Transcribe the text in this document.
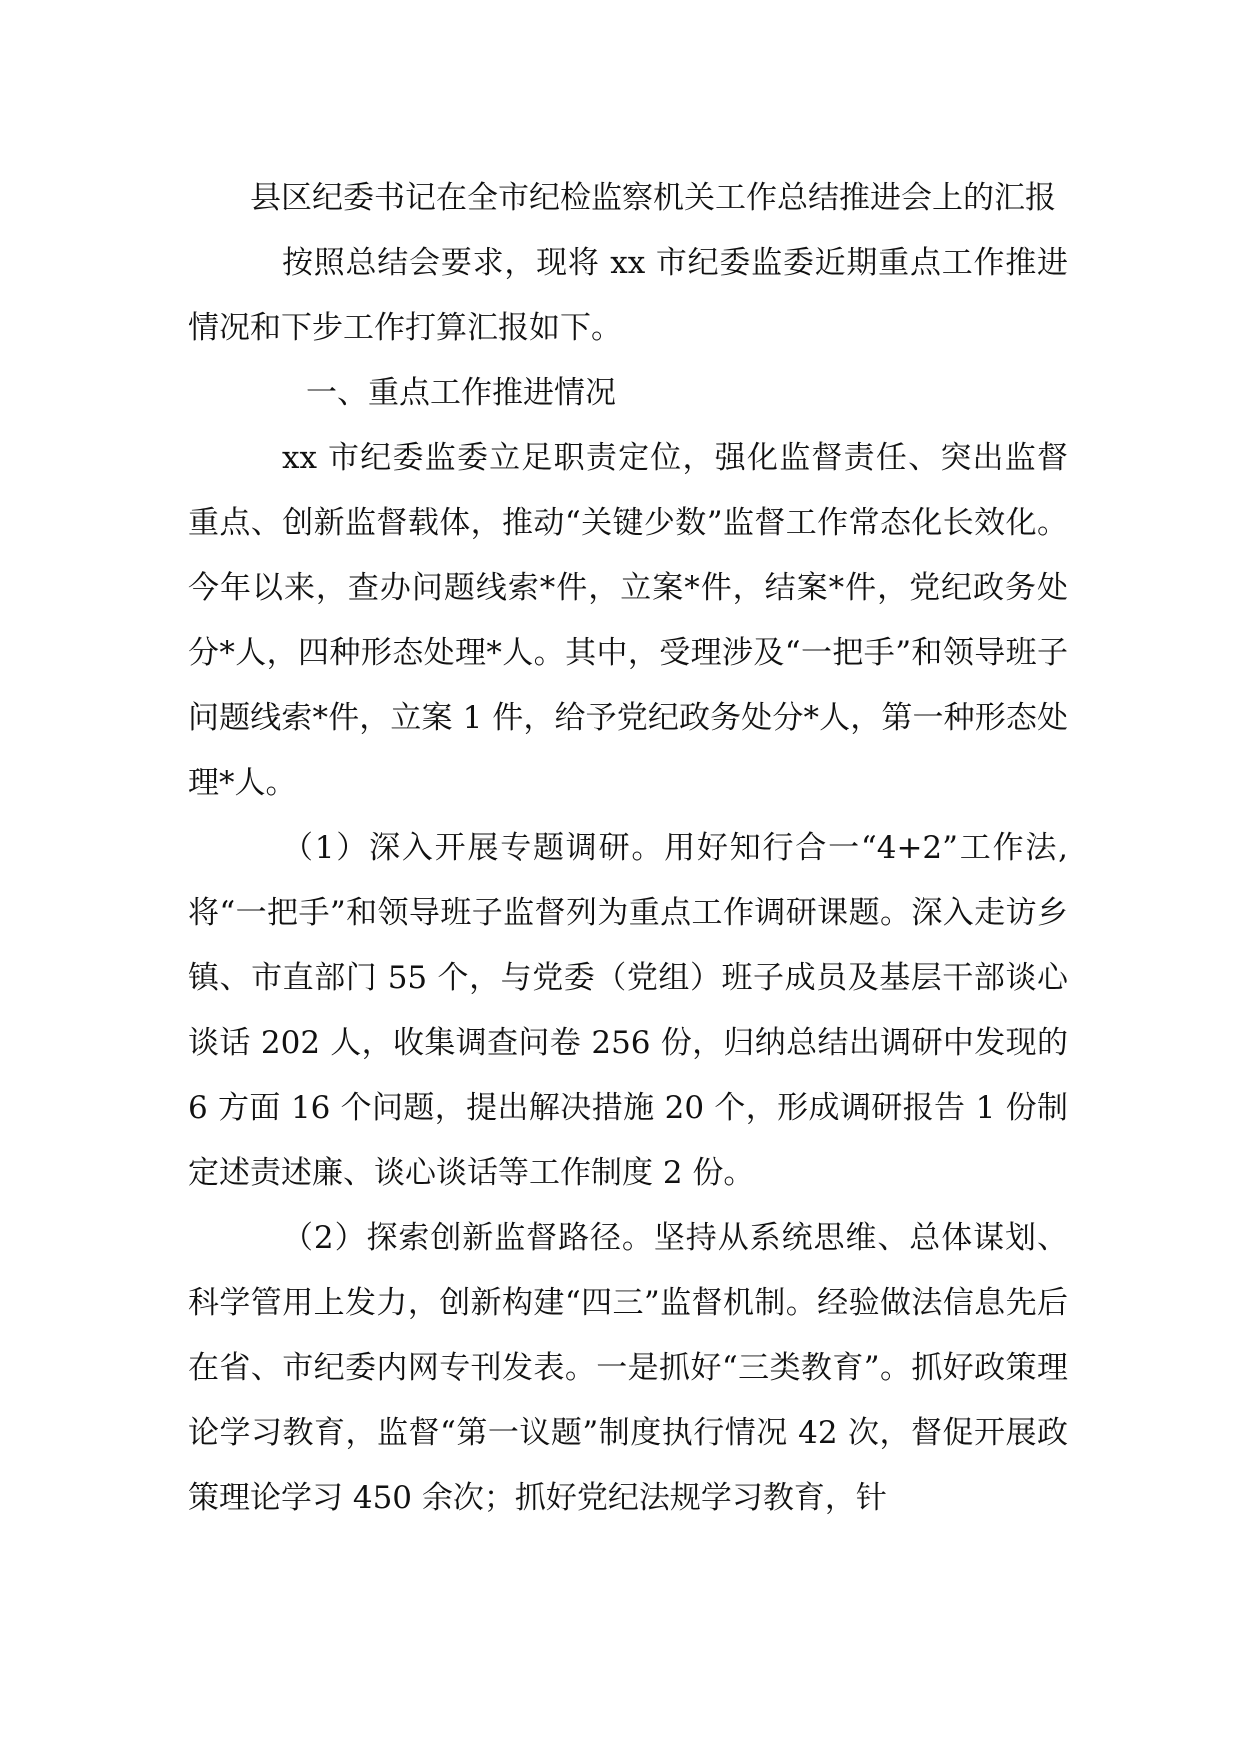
县区纪委书记在全市纪检监察机关工作总结推进会上的汇报

按照总结会要求，现将 xx 市纪委监委近期重点工作推进情况和下步工作打算汇报如下。

一、重点工作推进情况

xx 市纪委监委立足职责定位，强化监督责任、突出监督重点、创新监督载体，推动“关键少数”监督工作常态化长效化。今年以来，查办问题线索*件，立案*件，结案*件，党纪政务处分*人，四种形态处理*人。其中，受理涉及“一把手”和领导班子问题线索*件，立案 1 件，给予党纪政务处分*人，第一种形态处理*人。

（1）深入开展专题调研。用好知行合一“4+2”工作法,将“一把手”和领导班子监督列为重点工作调研课题。深入走访乡镇、市直部门 55 个，与党委（党组）班子成员及基层干部谈心谈话 202 人，收集调查问卷 256 份，归纳总结出调研中发现的 6 方面 16 个问题，提出解决措施 20 个，形成调研报告 1 份制定述责述廉、谈心谈话等工作制度 2 份。

（2）探索创新监督路径。坚持从系统思维、总体谋划、科学管用上发力，创新构建“四三”监督机制。经验做法信息先后在省、市纪委内网专刊发表。一是抓好“三类教育”。抓好政策理论学习教育，监督“第一议题”制度执行情况 42 次，督促开展政策理论学习 450 余次；抓好党纪法规学习教育，针
